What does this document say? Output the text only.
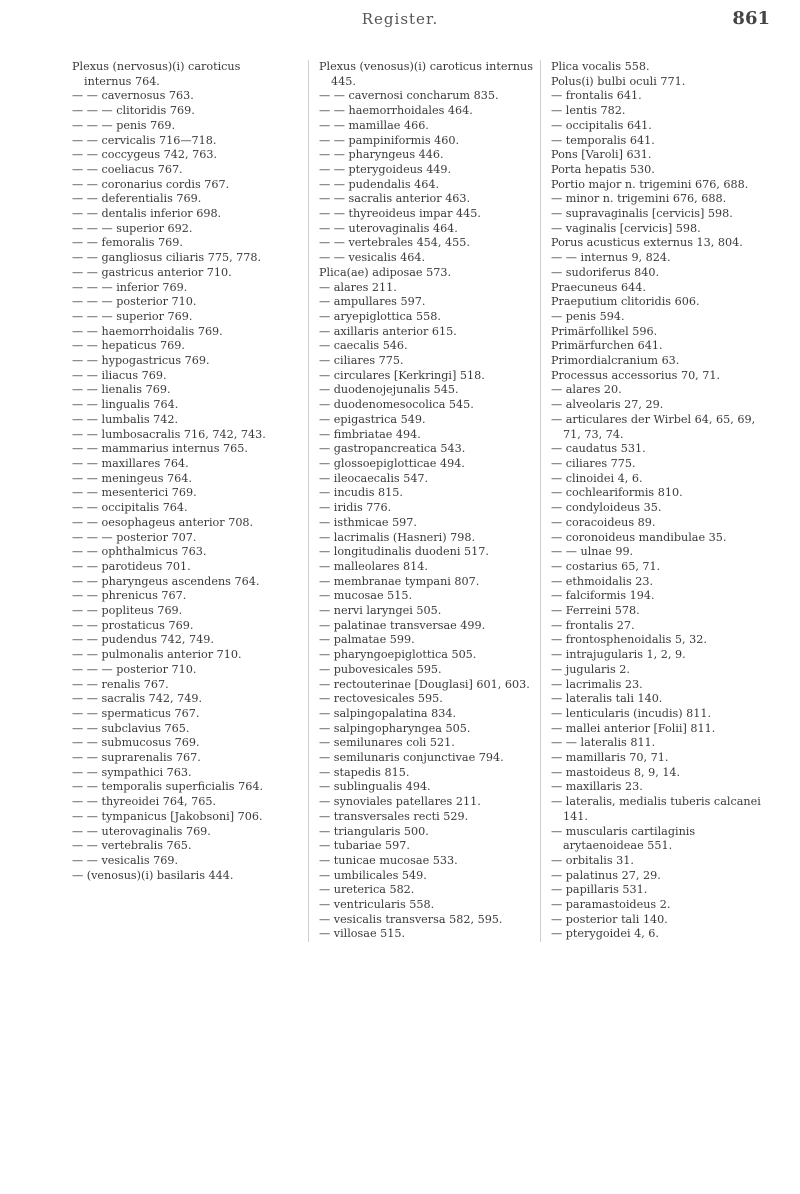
Register.	861
Plexus (nervosus)(i) caroticus internus 764.
— — cavernosus 763.
— — — clitoridis 769.
— — — penis 769.
— — cervicalis 716—718.
— — coccygeus 742, 763.
— — coeliacus 767.
— — coronarius cordis 767.
— — deferentialis 769.
— — dentalis inferior 698.
— — — superior 692.
— — femoralis 769.
— — gangliosus ciliaris 775, 778.
— — gastricus anterior 710.
— — — inferior 769.
— — — posterior 710.
— — — superior 769.
— — haemorrhoidalis 769.
— — hepaticus 769.
— — hypogastricus 769.
— — iliacus 769.
— — lienalis 769.
— — lingualis 764.
— — lumbalis 742.
— — lumbosacralis 716, 742, 743.
— — mammarius internus 765.
— — maxillares 764.
— — meningeus 764.
— — mesenterici 769.
— — occipitalis 764.
— — oesophageus anterior 708.
— — — posterior 707.
— — ophthalmicus 763.
— — parotideus 701.
— — pharyngeus ascendens 764.
— — phrenicus 767.
— — popliteus 769.
— — prostaticus 769.
— — pudendus 742, 749.
— — pulmonalis anterior 710.
— — — posterior 710.
— — renalis 767.
— — sacralis 742, 749.
— — spermaticus 767.
— — subclavius 765.
— — submucosus 769.
— — suprarenalis 767.
— — sympathici 763.
— — temporalis superficialis 764.
— — thyreoidei 764, 765.
— — tympanicus [Jakobsoni] 706.
— — uterovaginalis 769.
— — vertebralis 765.
— — vesicalis 769.
— (venosus)(i) basilaris 444.
Plexus (venosus)(i) caroticus internus 445.
— — cavernosi concharum 835.
— — haemorrhoidales 464.
— — mamillae 466.
— — pampiniformis 460.
— — pharyngeus 446.
— — pterygoideus 449.
— — pudendalis 464.
— — sacralis anterior 463.
— — thyreoideus impar 445.
— — uterovaginalis 464.
— — vertebrales 454, 455.
— — vesicalis 464.
Plica(ae) adiposae 573.
— alares 211.
— ampullares 597.
— aryepiglottica 558.
— axillaris anterior 615.
— caecalis 546.
— ciliares 775.
— circulares [Kerkringi] 518.
— duodenojejunalis 545.
— duodenomesocolica 545.
— epigastrica 549.
— fimbriatae 494.
— gastropancreatica 543.
— glossoepiglotticae 494.
— ileocaecalis 547.
— incudis 815.
— iridis 776.
— isthmicae 597.
— lacrimalis (Hasneri) 798.
— longitudinalis duodeni 517.
— malleolares 814.
— membranae tympani 807.
— mucosae 515.
— nervi laryngei 505.
— palatinae transversae 499.
— palmatae 599.
— pharyngoepiglottica 505.
— pubovesicales 595.
— rectouterinae [Douglasi] 601, 603.
— rectovesicales 595.
— salpingopalatina 834.
— salpingopharyngea 505.
— semilunares coli 521.
— semilunaris conjunctivae 794.
— stapedis 815.
— sublingualis 494.
— synoviales patellares 211.
— transversales recti 529.
— triangularis 500.
— tubariae 597.
— tunicae mucosae 533.
— umbilicales 549.
— ureterica 582.
— ventricularis 558.
— vesicalis transversa 582, 595.
— villosae 515.
Plica vocalis 558.
Polus(i) bulbi oculi 771.
— frontalis 641.
— lentis 782.
— occipitalis 641.
— temporalis 641.
Pons [Varoli] 631.
Porta hepatis 530.
Portio major n. trigemini 676, 688.
— minor n. trigemini 676, 688.
— supravaginalis [cervicis] 598.
— vaginalis [cervicis] 598.
Porus acusticus externus 13, 804.
— — internus 9, 824.
— sudoriferus 840.
Praecuneus 644.
Praeputium clitoridis 606.
— penis 594.
Primärfollikel 596.
Primärfurchen 641.
Primordialcranium 63.
Processus accessorius 70, 71.
— alares 20.
— alveolaris 27, 29.
— articulares der Wirbel 64, 65, 69, 71, 73, 74.
— caudatus 531.
— ciliares 775.
— clinoidei 4, 6.
— cochleariformis 810.
— condyloideus 35.
— coracoideus 89.
— coronoideus mandibulae 35.
— — ulnae 99.
— costarius 65, 71.
— ethmoidalis 23.
— falciformis 194.
— Ferreini 578.
— frontalis 27.
— frontosphenoidalis 5, 32.
— intrajugularis 1, 2, 9.
— jugularis 2.
— lacrimalis 23.
— lateralis tali 140.
— lenticularis (incudis) 811.
— mallei anterior [Folii] 811.
— — lateralis 811.
— mamillaris 70, 71.
— mastoideus 8, 9, 14.
— maxillaris 23.
— lateralis, medialis tuberis calcanei 141.
— muscularis cartilaginis arytaenoideae 551.
— orbitalis 31.
— palatinus 27, 29.
— papillaris 531.
— paramastoideus 2.
— posterior tali 140.
— pterygoidei 4, 6.
